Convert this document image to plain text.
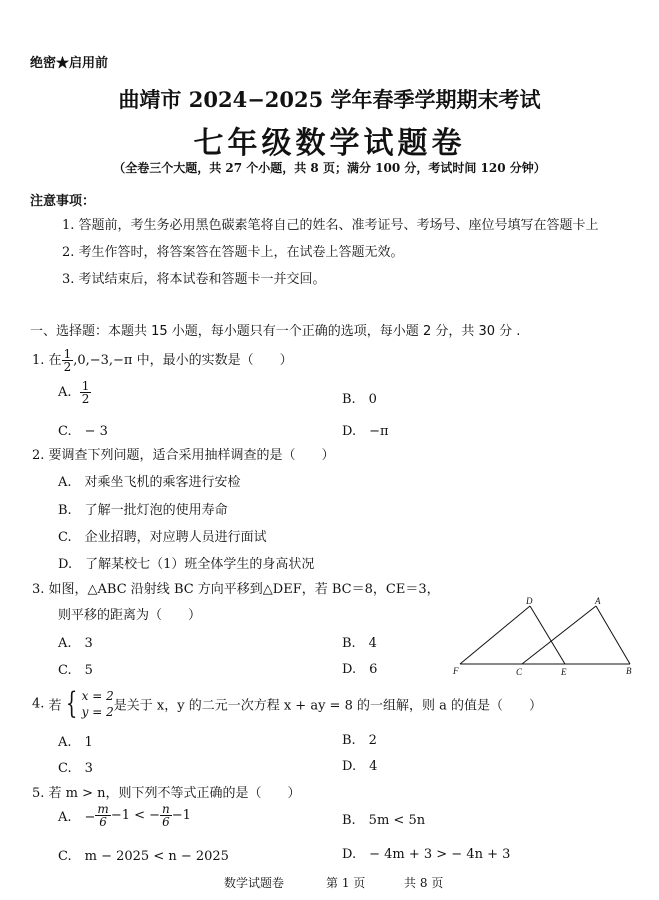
绝密★启用前
曲靖市 2024−2025 学年春季学期期末考试
七年级数学试题卷
（全卷三个大题，共 27 个小题，共 8 页；满分 100 分，考试时间 120 分钟）
注意事项：
1. 答题前，考生务必用黑色碳素笔将自己的姓名、准考证号、考场号、座位号填写在答题卡上
2. 考生作答时，将答案答在答题卡上，在试卷上答题无效。
3. 考试结束后，将本试卷和答题卡一并交回。
一、选择题：本题共 15 小题，每小题只有一个正确的选项，每小题 2 分，共 30 分 .
1. 在 $\frac{1}{2} ,0,-3,-\pi$ 中，最小的实数是（　　）
A. $\frac{1}{2}$	B.　0
C.　− 3	D.　−π
2. 要调查下列问题，适合采用抽样调查的是（　　）
A.　对乘坐飞机的乘客进行安检
B.　了解一批灯泡的使用寿命
C.　企业招聘，对应聘人员进行面试
D.　了解某校七（1）班全体学生的身高状况
3. 如图，△ABC 沿射线 BC 方向平移到△DEF，若 BC＝8，CE＝3，
则平移的距离为（　　）
A.　3	B.　4
C.　5	D.　6
D	A
F	C	E	B
4. 若 { x = 2
y = 2 是关于 x，y 的二元一次方程 x + ay = 8 的一组解，则 a 的值是（　　）
A.　1	B.　2
C.　3	D.　4
5. 若 m > n，则下列不等式正确的是（　　）
A.　− $\frac{m}{6} -1$ < − $\frac{n}{6} -1$	B.　5m < 5n
C.　m − 2025 < n − 2025	D.　− 4m + 3 > − 4n + 3
数学试题卷	第 1 页	共 8 页
